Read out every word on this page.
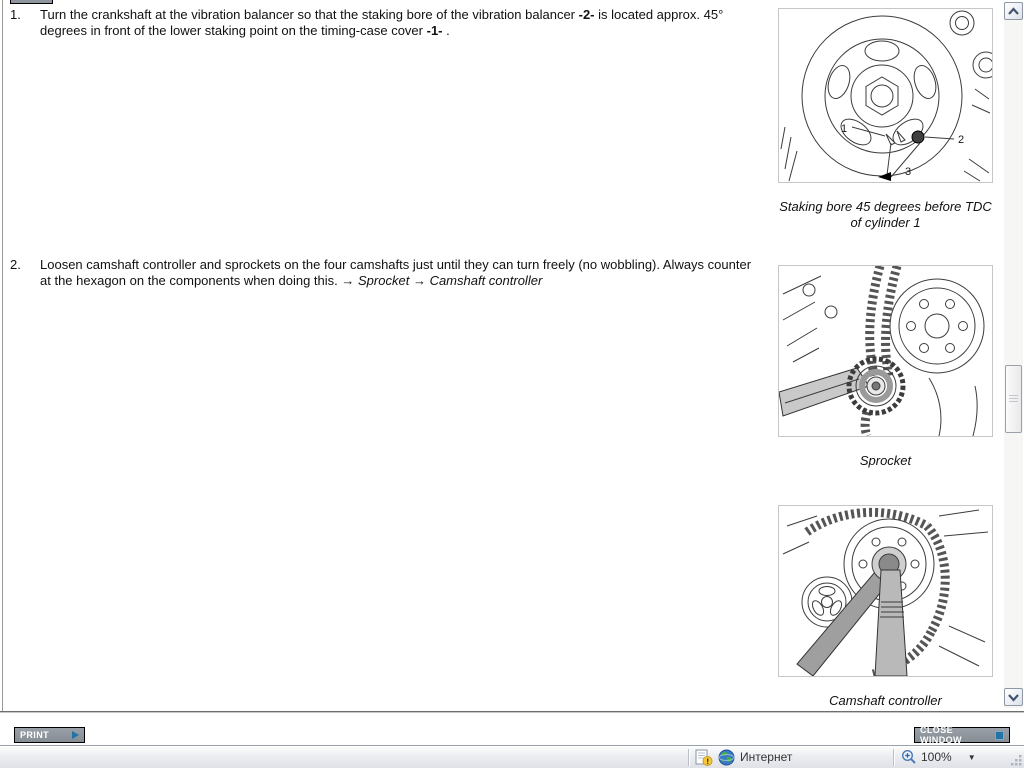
1. Turn the crankshaft at the vibration balancer so that the staking bore of the vibration balancer -2- is located approx. 45° degrees in front of the lower staking point on the timing-case cover -1- .
2. Loosen camshaft controller and sprockets on the four camshafts just until they can turn freely (no wobbling). Always counter at the hexagon on the components when doing this. → Sprocket → Camshaft controller
1
2
3
Staking bore 45 degrees before TDC of cylinder 1
Sprocket
Camshaft controller
PRINT	CLOSE WINDOW
Интернет	100% ▼
